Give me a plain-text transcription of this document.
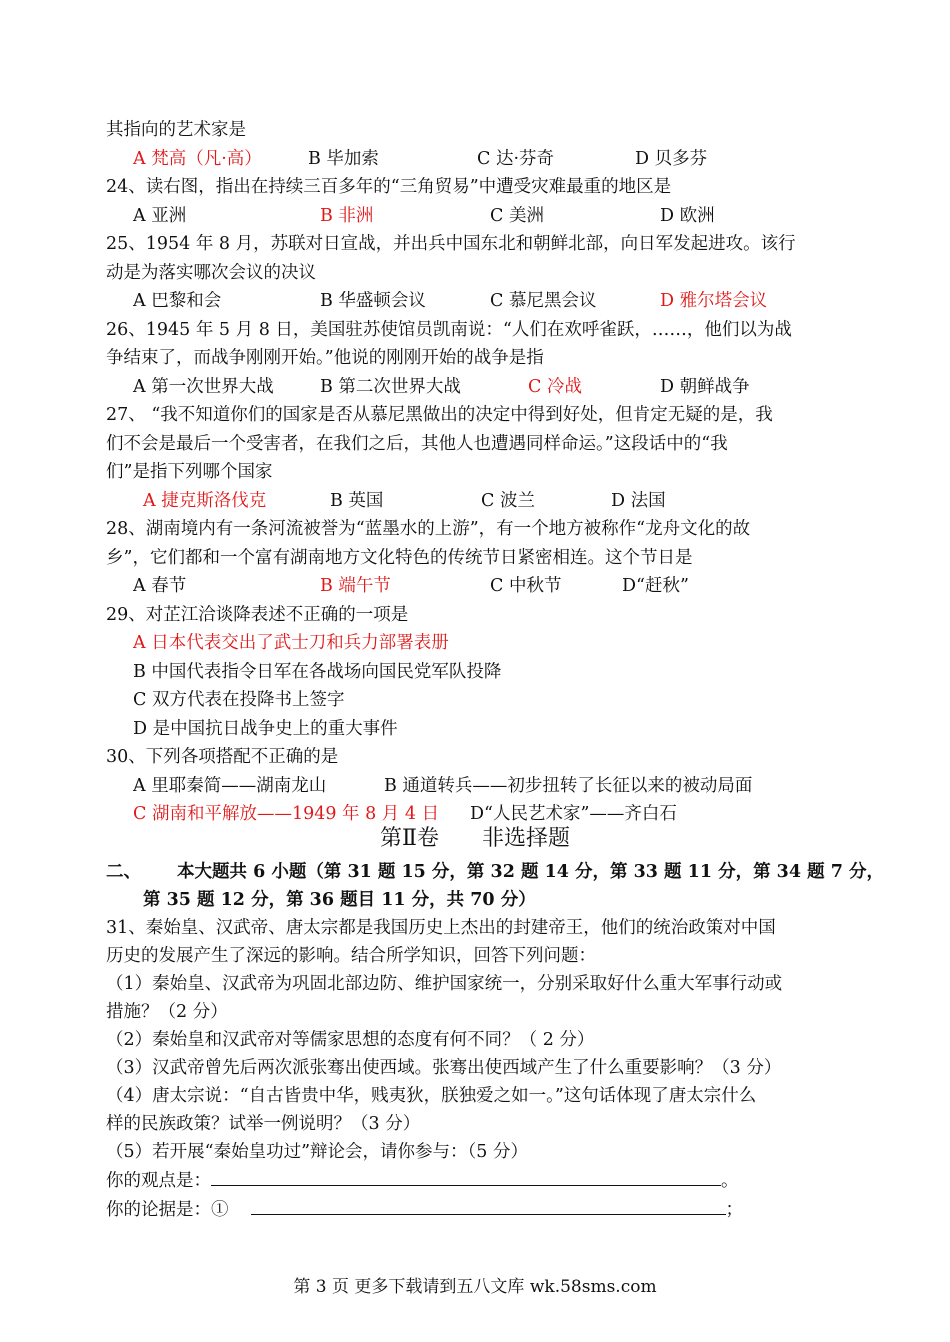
其指向的艺术家是
A 梵高（凡·高）	B 毕加索	C 达·芬奇	D 贝多芬
24、读右图，指出在持续三百多年的“三角贸易”中遭受灾难最重的地区是
A 亚洲	B 非洲	C 美洲	D 欧洲
25、1954 年 8 月，苏联对日宣战，并出兵中国东北和朝鲜北部，向日军发起进攻。该行
动是为落实哪次会议的决议
A 巴黎和会	B 华盛顿会议	C 慕尼黑会议	D 雅尔塔会议
26、1945 年 5 月 8 日，美国驻苏使馆员凯南说：“人们在欢呼雀跃，……，他们以为战
争结束了，而战争刚刚开始。”他说的刚刚开始的战争是指
A 第一次世界大战	B 第二次世界大战	C 冷战	D 朝鲜战争
27、 “我不知道你们的国家是否从慕尼黑做出的决定中得到好处，但肯定无疑的是，我
们不会是最后一个受害者，在我们之后，其他人也遭遇同样命运。”这段话中的“我
们”是指下列哪个国家
A 捷克斯洛伐克	B 英国	C 波兰	D 法国
28、湖南境内有一条河流被誉为“蓝墨水的上游”，有一个地方被称作“龙舟文化的故
乡”，它们都和一个富有湖南地方文化特色的传统节日紧密相连。这个节日是
A 春节	B 端午节	C 中秋节	D“赶秋”
29、对芷江洽谈降表述不正确的一项是
A 日本代表交出了武士刀和兵力部署表册
B 中国代表指令日军在各战场向国民党军队投降
C 双方代表在投降书上签字
D 是中国抗日战争史上的重大事件
30、下列各项搭配不正确的是
A 里耶秦简——湖南龙山	B 通道转兵——初步扭转了长征以来的被动局面
C 湖南和平解放——1949 年 8 月 4 日 D“人民艺术家”——齐白石
第Ⅱ卷 非选择题
二、 本大题共 6 小题（第 31 题 15 分，第 32 题 14 分，第 33 题 11 分，第 34 题 7 分，
第 35 题 12 分，第 36 题目 11 分，共 70 分）
31、秦始皇、汉武帝、唐太宗都是我国历史上杰出的封建帝王，他们的统治政策对中国
历史的发展产生了深远的影响。结合所学知识，回答下列问题：
（1）秦始皇、汉武帝为巩固北部边防、维护国家统一，分别采取好什么重大军事行动或
措施？（2 分）
（2）秦始皇和汉武帝对等儒家思想的态度有何不同？（ 2 分）
（3）汉武帝曾先后两次派张骞出使西域。张骞出使西域产生了什么重要影响？（3 分）
（4）唐太宗说：“自古皆贵中华，贱夷狄，朕独爱之如一。”这句话体现了唐太宗什么
样的民族政策？试举一例说明？（3 分）
（5）若开展“秦始皇功过”辩论会，请你参与：（5 分）
你的观点是：	。
你的论据是：①	；
第 3 页 更多下载请到五八文库 wk.58sms.com
